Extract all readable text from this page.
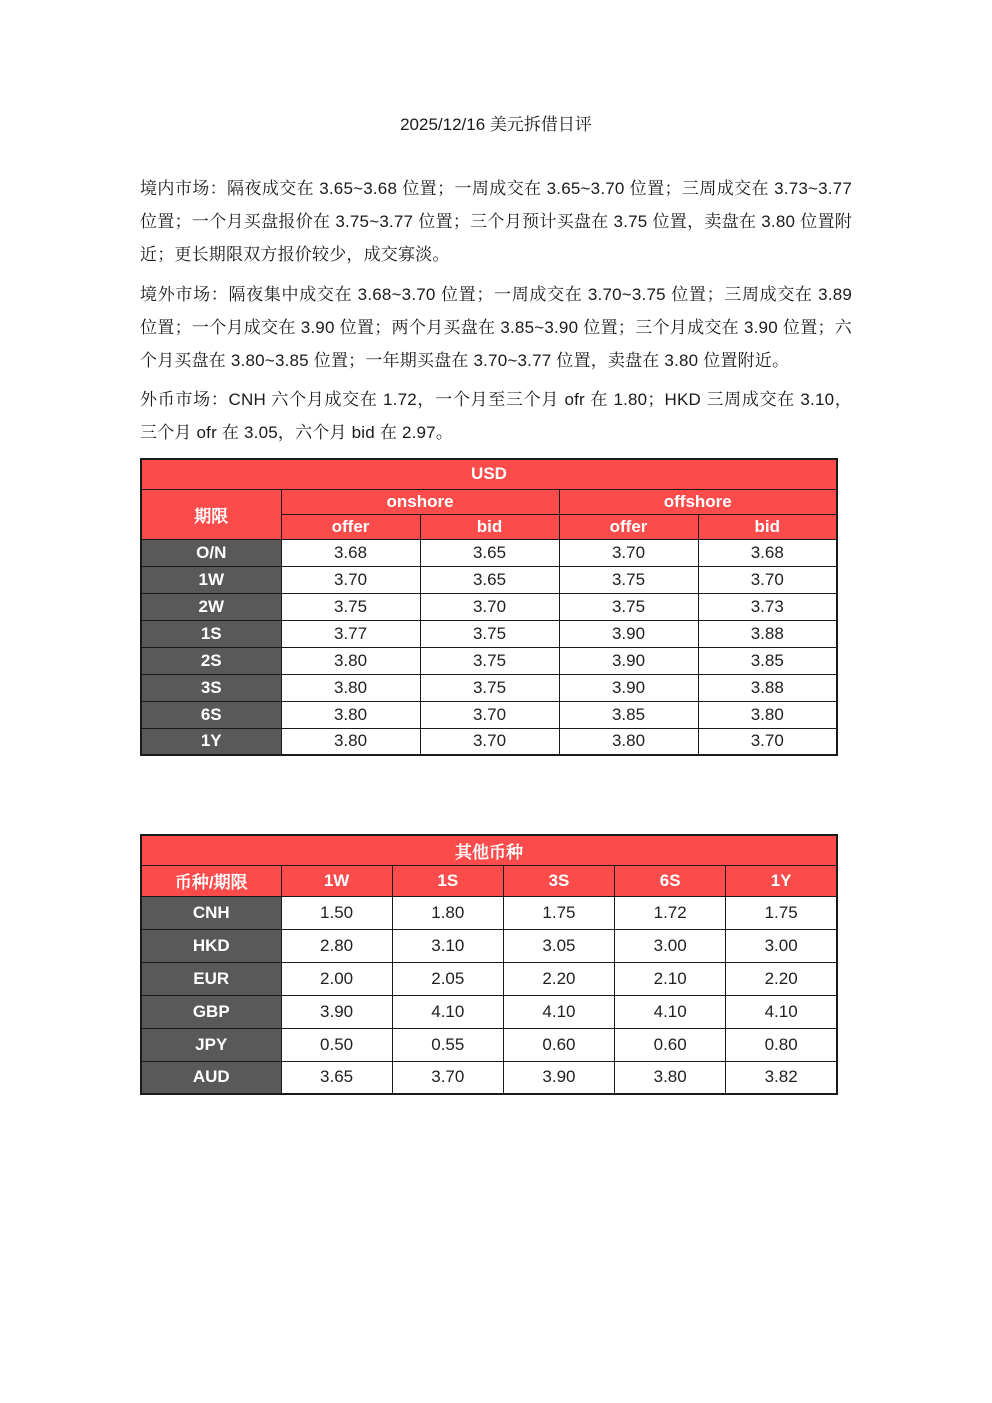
2025/12/16 美元拆借日评

境内市场：隔夜成交在 3.65~3.68 位置；一周成交在 3.65~3.70 位置；三周成交在 3.73~3.77 位置；一个月买盘报价在 3.75~3.77 位置；三个月预计买盘在 3.75 位置，卖盘在 3.80 位置附近；更长期限双方报价较少，成交寡淡。

境外市场：隔夜集中成交在 3.68~3.70 位置；一周成交在 3.70~3.75 位置；三周成交在 3.89 位置；一个月成交在 3.90 位置；两个月买盘在 3.85~3.90 位置；三个月成交在 3.90 位置；六个月买盘在 3.80~3.85 位置；一年期买盘在 3.70~3.77 位置，卖盘在 3.80 位置附近。

外币市场：CNH 六个月成交在 1.72，一个月至三个月 ofr 在 1.80；HKD 三周成交在 3.10，三个月 ofr 在 3.05，六个月 bid 在 2.97。

USD				
期限	onshore		offshore	
	offer	bid	offer	bid
O/N	3.68	3.65	3.70	3.68
1W	3.70	3.65	3.75	3.70
2W	3.75	3.70	3.75	3.73
1S	3.77	3.75	3.90	3.88
2S	3.80	3.75	3.90	3.85
3S	3.80	3.75	3.90	3.88
6S	3.80	3.70	3.85	3.80
1Y	3.80	3.70	3.80	3.70
其他币种					
币种/期限	1W	1S	3S	6S	1Y
CNH	1.50	1.80	1.75	1.72	1.75
HKD	2.80	3.10	3.05	3.00	3.00
EUR	2.00	2.05	2.20	2.10	2.20
GBP	3.90	4.10	4.10	4.10	4.10
JPY	0.50	0.55	0.60	0.60	0.80
AUD	3.65	3.70	3.90	3.80	3.82
